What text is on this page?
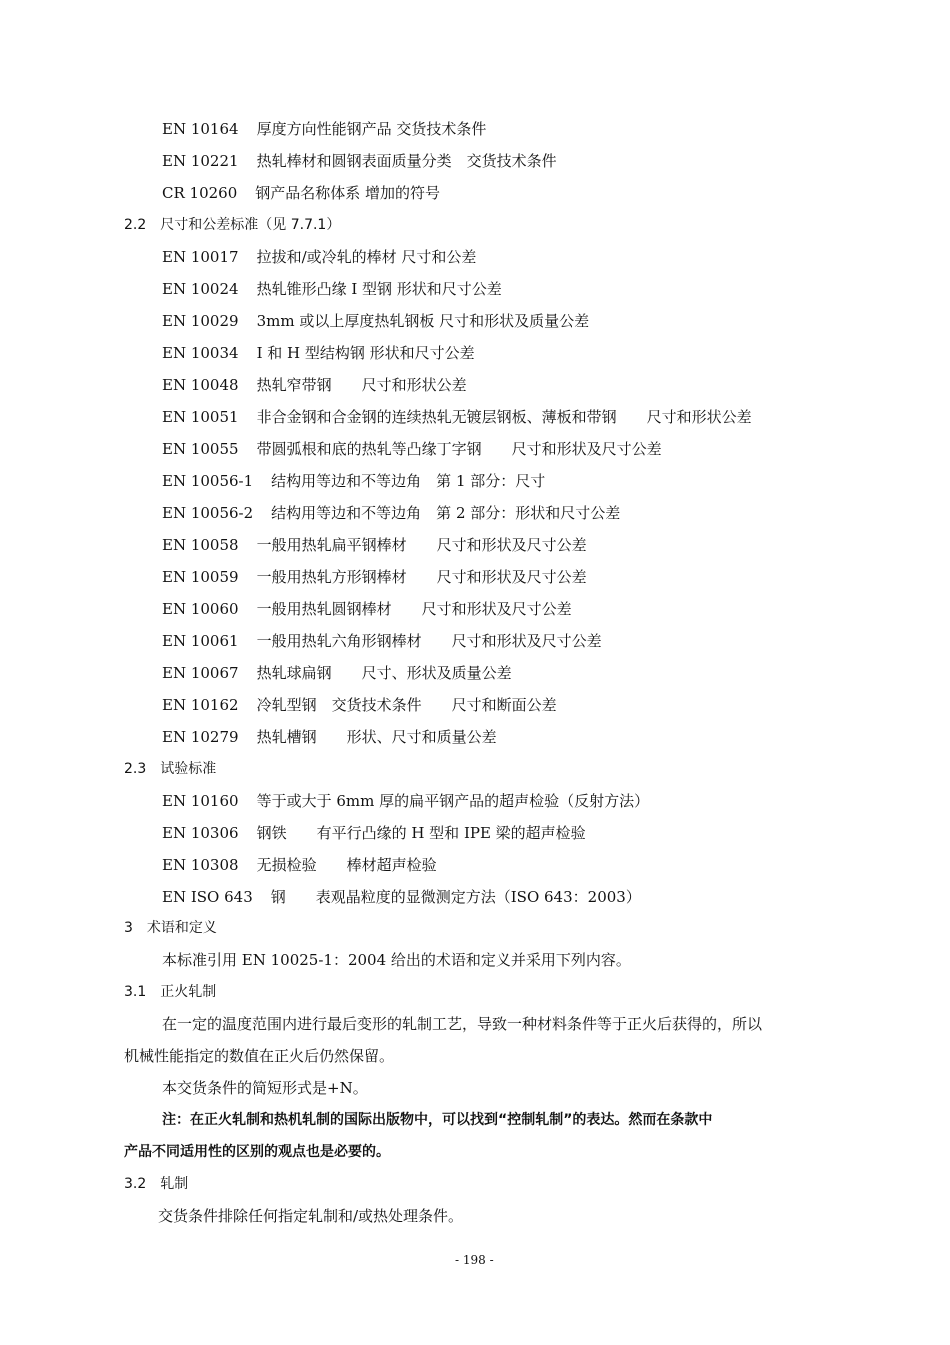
EN 10164 厚度方向性能钢产品 交货技术条件
EN 10221 热轧棒材和圆钢表面质量分类　交货技术条件
CR 10260 钢产品名称体系 增加的符号
2.2　尺寸和公差标准（见 7.7.1）
EN 10017 拉拔和/或冷轧的棒材 尺寸和公差
EN 10024 热轧锥形凸缘 I 型钢 形状和尺寸公差
EN 10029 3mm 或以上厚度热轧钢板 尺寸和形状及质量公差
EN 10034 I 和 H 型结构钢 形状和尺寸公差
EN 10048 热轧窄带钢　　尺寸和形状公差
EN 10051 非合金钢和合金钢的连续热轧无镀层钢板、薄板和带钢　　尺寸和形状公差
EN 10055 带圆弧根和底的热轧等凸缘丁字钢　　尺寸和形状及尺寸公差
EN 10056-1 结构用等边和不等边角　第 1 部分：尺寸
EN 10056-2 结构用等边和不等边角　第 2 部分：形状和尺寸公差
EN 10058 一般用热轧扁平钢棒材　　尺寸和形状及尺寸公差
EN 10059 一般用热轧方形钢棒材　　尺寸和形状及尺寸公差
EN 10060 一般用热轧圆钢棒材　　尺寸和形状及尺寸公差
EN 10061 一般用热轧六角形钢棒材　　尺寸和形状及尺寸公差
EN 10067 热轧球扁钢　　尺寸、形状及质量公差
EN 10162 冷轧型钢　交货技术条件　　尺寸和断面公差
EN 10279 热轧槽钢　　形状、尺寸和质量公差
2.3　试验标准
EN 10160 等于或大于 6mm 厚的扁平钢产品的超声检验（反射方法）
EN 10306 钢铁　　有平行凸缘的 H 型和 IPE 梁的超声检验
EN 10308 无损检验　　棒材超声检验
EN ISO 643 钢　　表观晶粒度的显微测定方法（ISO 643：2003）
3　术语和定义
本标准引用 EN 10025-1：2004 给出的术语和定义并采用下列内容。
3.1　正火轧制
在一定的温度范围内进行最后变形的轧制工艺，导致一种材料条件等于正火后获得的，所以
机械性能指定的数值在正火后仍然保留。
本交货条件的简短形式是+N。
注：在正火轧制和热机轧制的国际出版物中，可以找到“控制轧制”的表达。然而在条款中
产品不同适用性的区别的观点也是必要的。
3.2　轧制
交货条件排除任何指定轧制和/或热处理条件。
- 198 -
